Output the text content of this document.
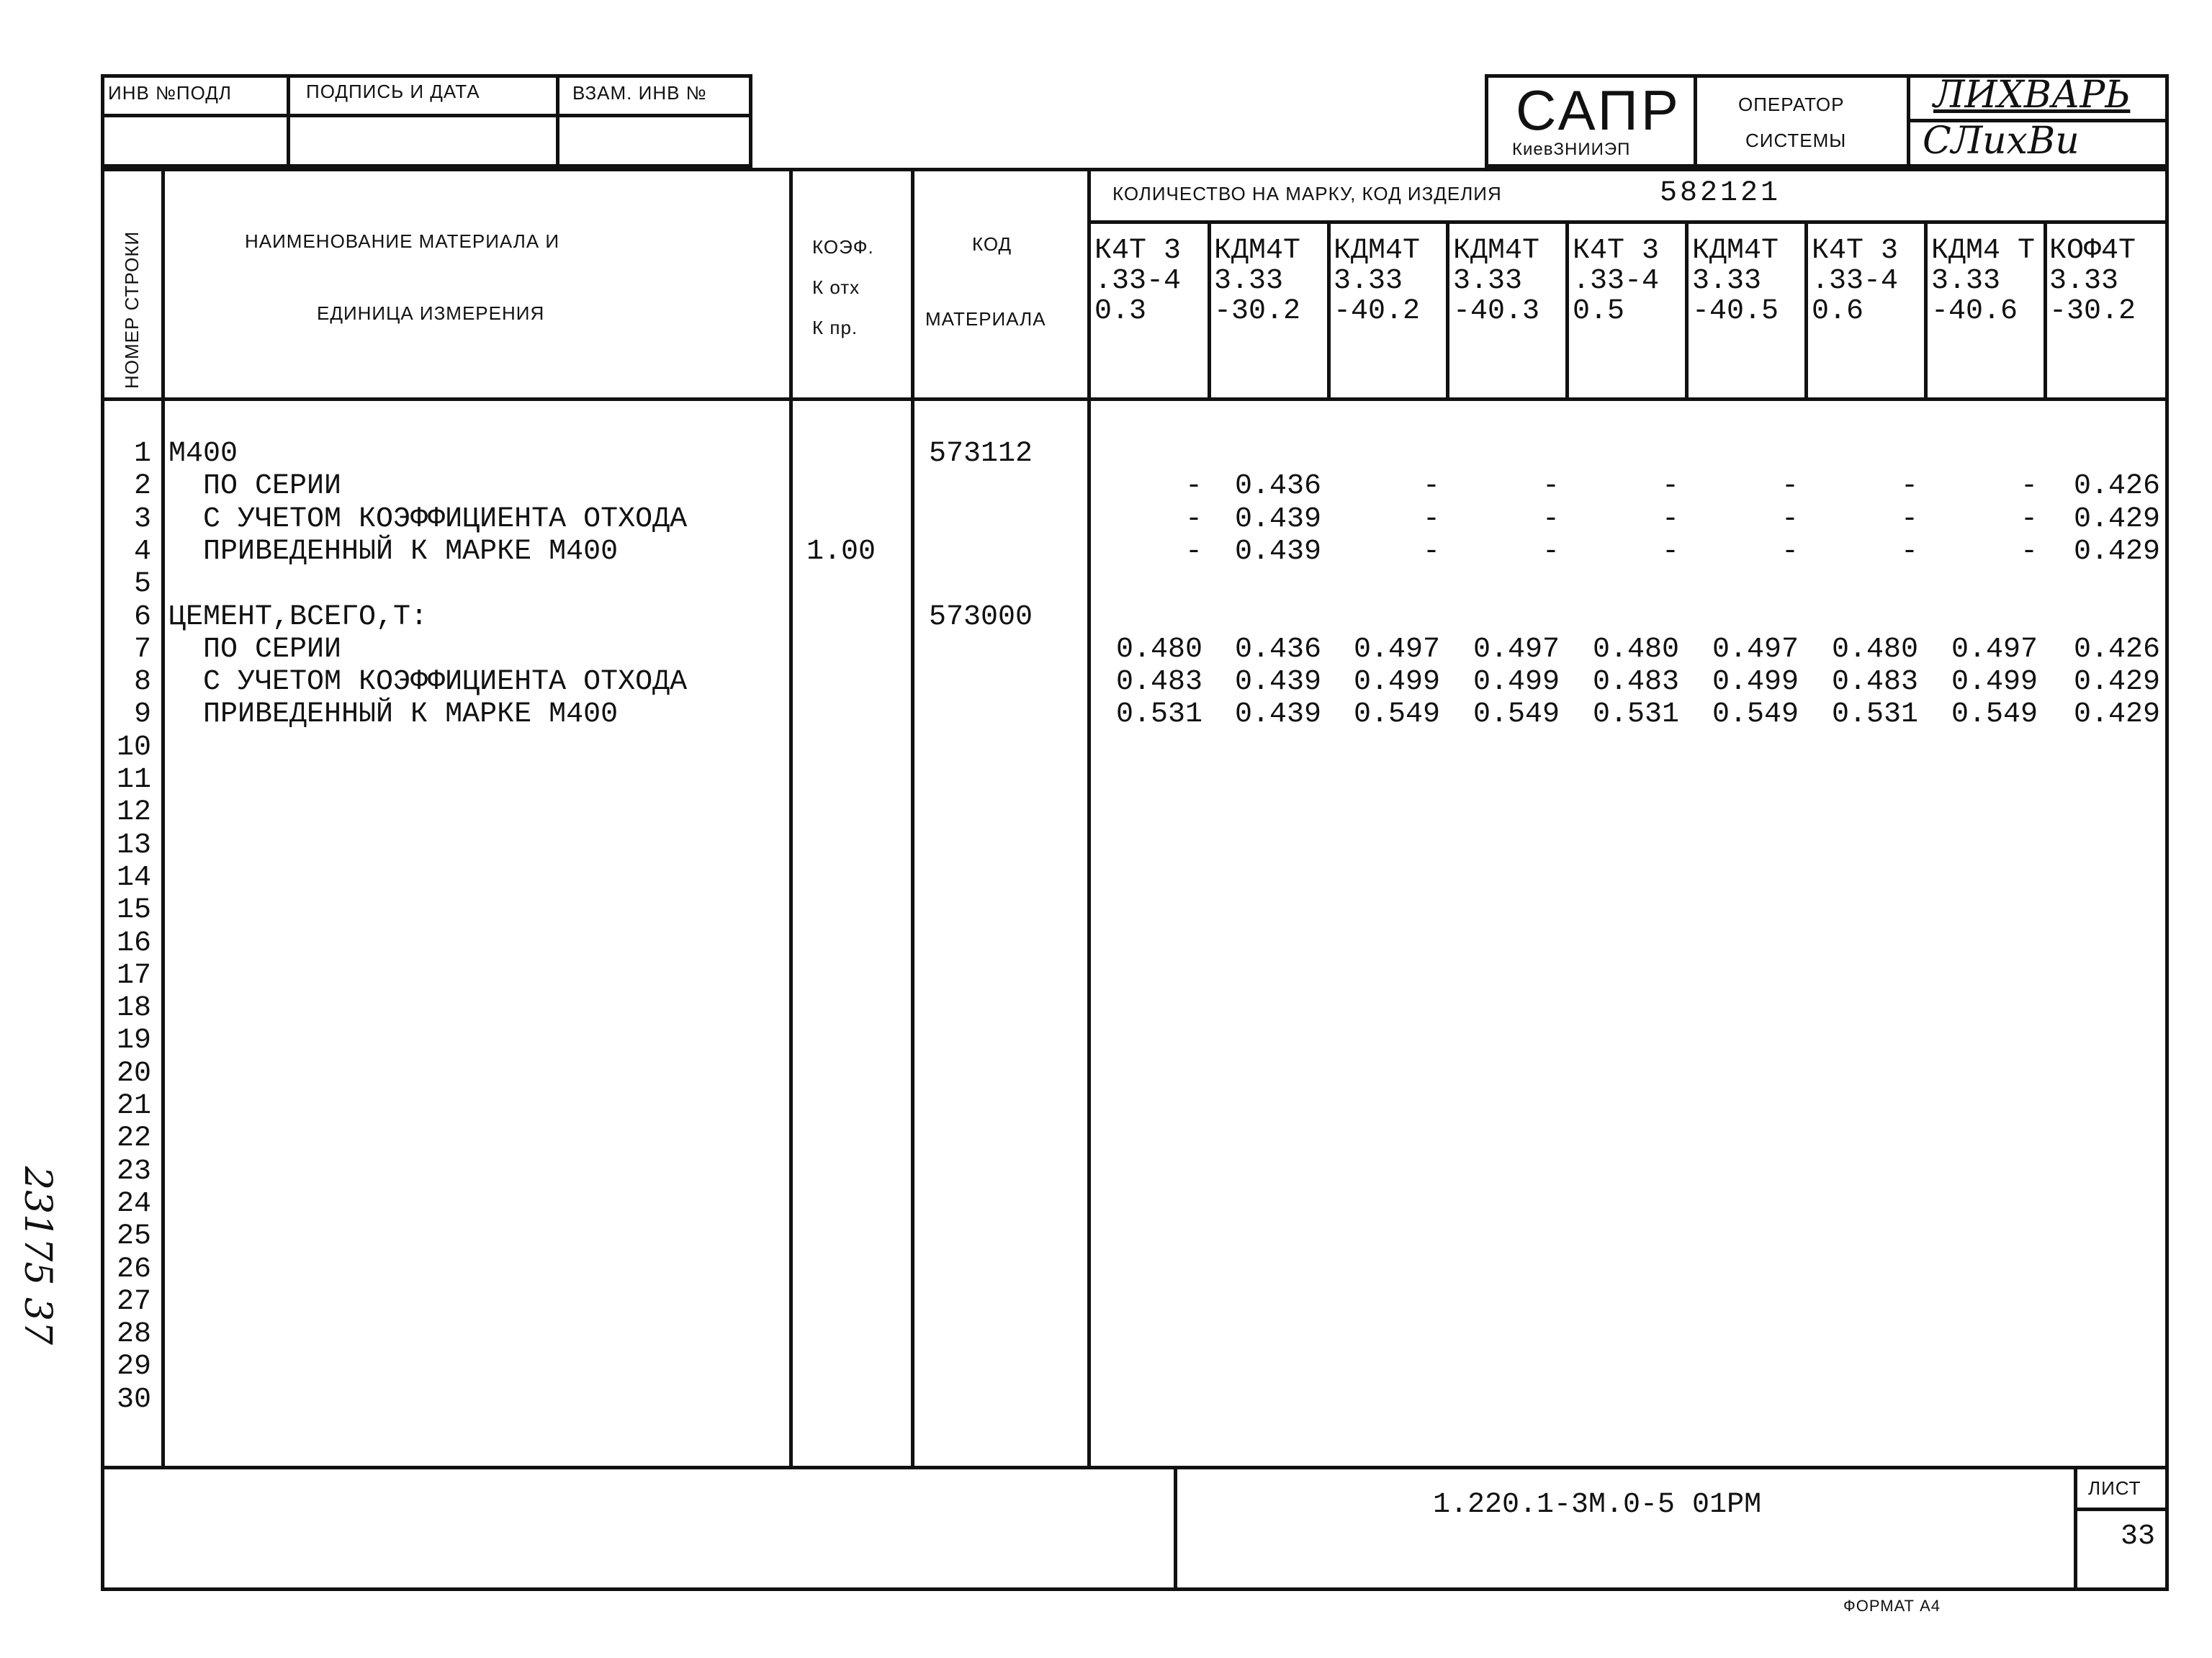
ИНВ №ПОДЛ	ПОДПИСЬ И ДАТА	ВЗАМ. ИНВ №	САПР
КиевЗНИИЭП
ОПЕРАТОР
СИСТЕМЫ
ЛИХВАРЬ
СЛихВи
НОМЕР СТРОКИ	НАИМЕНОВАНИЕ МАТЕРИАЛА И
ЕДИНИЦА ИЗМЕРЕНИЯ
КОЭФ.
К отх
К пр.
КОД
МАТЕРИАЛА
КОЛИЧЕСТВО НА МАРКУ, КОД ИЗДЕЛИЯ	582121
К4Т 3
.33-4
0.3
КДМ4Т
3.33
-30.2
КДМ4Т
3.33
-40.2
КДМ4Т
3.33
-40.3
К4Т 3
.33-4
0.5
КДМ4Т
3.33
-40.5
К4Т 3
.33-4
0.6
КДМ4 Т
3.33
-40.6
КОФ4Т
3.33
-30.2
1 М400	573112
2 ПО СЕРИИ	-	0.436	-	-	-	-	-	-	0.426
3 С УЧЕТОМ КОЭФФИЦИЕНТА ОТХОДА	-	0.439	-	-	-	-	-	-	0.429
4 ПРИВЕДЕННЫЙ К МАРКЕ М400	1.00	-	0.439	-	-	-	-	-	-	0.429
5
6 ЦЕМЕНТ,ВСЕГО,Т:	573000
7 ПО СЕРИИ	0.480	0.436	0.497	0.497	0.480	0.497	0.480	0.497	0.426
8 С УЧЕТОМ КОЭФФИЦИЕНТА ОТХОДА	0.483	0.439	0.499	0.499	0.483	0.499	0.483	0.499	0.429
9 ПРИВЕДЕННЫЙ К МАРКЕ М400	0.531	0.439	0.549	0.549	0.531	0.549	0.531	0.549	0.429
10
11
12
13
14
15
16
17
18
19
20
21
22
23
24
25
26
27
28
29
30
23175 37
1.220.1-3М.0-5 01РМ
ЛИСТ
33
ФОРМАТ А4
